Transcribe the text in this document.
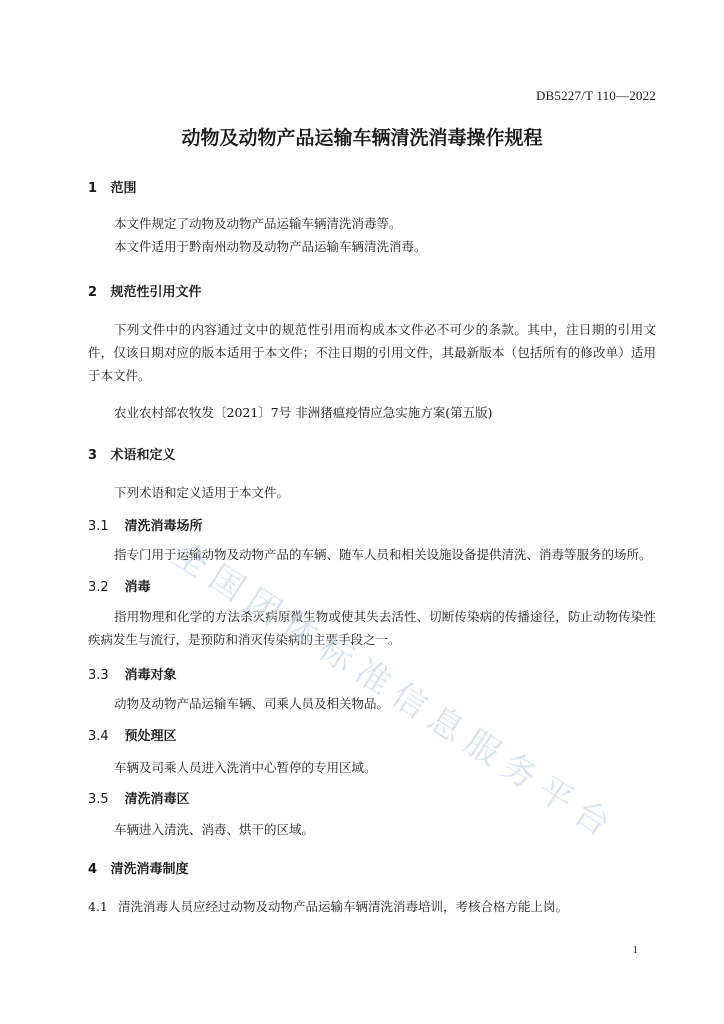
DB5227/T 110—2022
动物及动物产品运输车辆清洗消毒操作规程
1 范围
本文件规定了动物及动物产品运输车辆清洗消毒等。
本文件适用于黔南州动物及动物产品运输车辆清洗消毒。
2 规范性引用文件
下列文件中的内容通过文中的规范性引用而构成本文件必不可少的条款。其中，注日期的引用文件，仅该日期对应的版本适用于本文件；不注日期的引用文件，其最新版本（包括所有的修改单）适用于本文件。
农业农村部农牧发〔2021〕7号 非洲猪瘟疫情应急实施方案(第五版)
3 术语和定义
下列术语和定义适用于本文件。
3.1 清洗消毒场所
指专门用于运输动物及动物产品的车辆、随车人员和相关设施设备提供清洗、消毒等服务的场所。
3.2 消毒
指用物理和化学的方法杀灭病原微生物或使其失去活性、切断传染病的传播途径，防止动物传染性疾病发生与流行，是预防和消灭传染病的主要手段之一。
3.3 消毒对象
动物及动物产品运输车辆、司乘人员及相关物品。
3.4 预处理区
车辆及司乘人员进入洗消中心暂停的专用区域。
3.5 清洗消毒区
车辆进入清洗、消毒、烘干的区域。
4 清洗消毒制度
4.1 清洗消毒人员应经过动物及动物产品运输车辆清洗消毒培训，考核合格方能上岗。
1
全
国
团
体
标
准
信
息
服
务
平
台
